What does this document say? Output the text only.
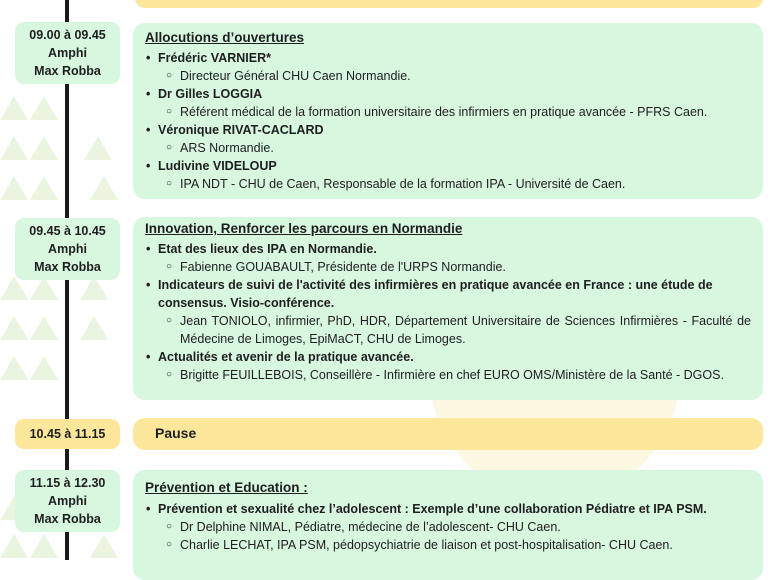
09.00 à 09.45
Amphi
Max Robba

Allocutions d’ouvertures

• Frédéric VARNIER*
○ Directeur Général CHU Caen Normandie.
• Dr Gilles LOGGIA
○ Référent médical de la formation universitaire des infirmiers en pratique avancée - PFRS Caen.
• Véronique RIVAT-CACLARD
○ ARS Normandie.
• Ludivine VIDELOUP
○ IPA NDT - CHU de Caen, Responsable de la formation IPA - Université de Caen.
09.45 à 10.45
Amphi
Max Robba

Innovation, Renforcer les parcours en Normandie

• Etat des lieux des IPA en Normandie.
○ Fabienne GOUABAULT, Présidente de l'URPS Normandie.
• Indicateurs de suivi de l'activité des infirmières en pratique avancée en France : une étude de consensus. Visio-conférence.
○ Jean TONIOLO, infirmier, PhD, HDR, Département Universitaire de Sciences Infirmières - Faculté de Médecine de Limoges, EpiMaCT, CHU de Limoges.
• Actualités et avenir de la pratique avancée.
○ Brigitte FEUILLEBOIS, Conseillère - Infirmière en chef EURO OMS/Ministère de la Santé - DGOS.
10.45 à 11.15	Pause
11.15 à 12.30
Amphi
Max Robba

Prévention et Education :

• Prévention et sexualité chez l’adolescent : Exemple d’une collaboration Pédiatre et IPA PSM.
○ Dr Delphine NIMAL, Pédiatre, médecine de l’adolescent- CHU Caen.
○ Charlie LECHAT, IPA PSM, pédopsychiatrie de liaison et post-hospitalisation- CHU Caen.
